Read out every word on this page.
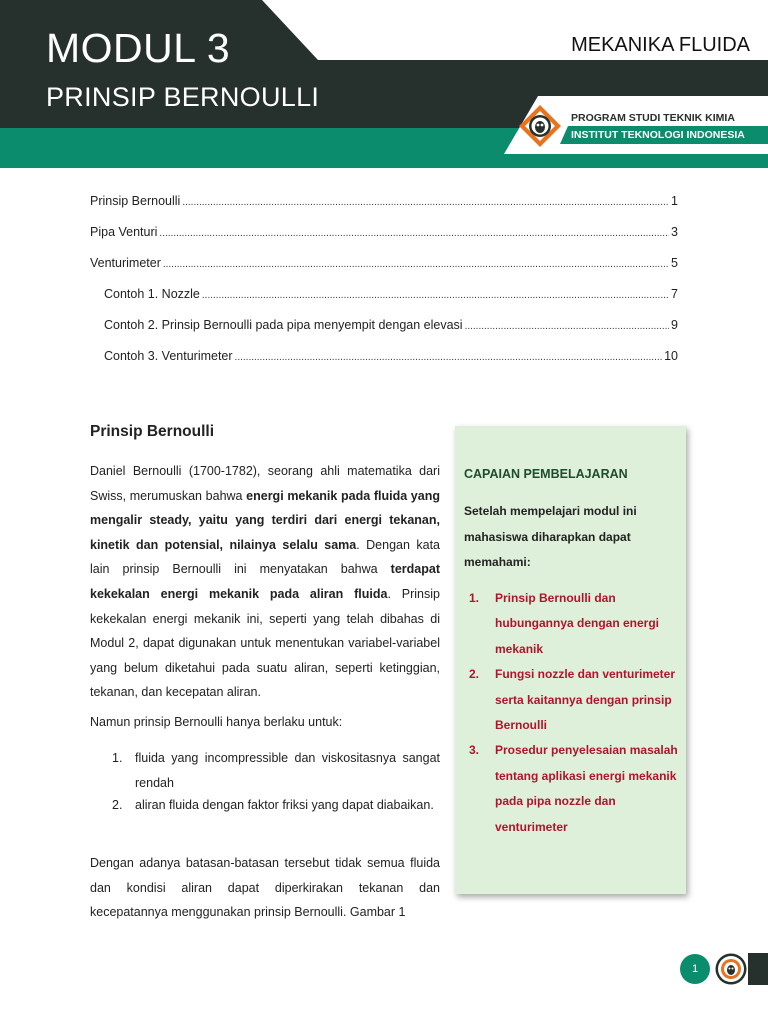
MODUL 3
PRINSIP BERNOULLI
MEKANIKA FLUIDA
PROGRAM STUDI TEKNIK KIMIA
INSTITUT TEKNOLOGI INDONESIA
Prinsip Bernoulli .....	1
Pipa Venturi .....	3
Venturimeter .....	5
Contoh 1. Nozzle .....	7
Contoh 2. Prinsip Bernoulli pada pipa menyempit dengan elevasi .....	9
Contoh 3. Venturimeter .....	10
Prinsip Bernoulli

Daniel Bernoulli (1700-1782), seorang ahli matematika dari Swiss, merumuskan bahwa energi mekanik pada fluida yang mengalir steady, yaitu yang terdiri dari energi tekanan, kinetik dan potensial, nilainya selalu sama. Dengan kata lain prinsip Bernoulli ini menyatakan bahwa terdapat kekekalan energi mekanik pada aliran fluida. Prinsip kekekalan energi mekanik ini, seperti yang telah dibahas di Modul 2, dapat digunakan untuk menentukan variabel-variabel yang belum diketahui pada suatu aliran, seperti ketinggian, tekanan, dan kecepatan aliran.

Namun prinsip Bernoulli hanya berlaku untuk:

1.	fluida yang incompressible dan viskositasnya sangat rendah
2.	aliran fluida dengan faktor friksi yang dapat diabaikan.

Dengan adanya batasan-batasan tersebut tidak semua fluida dan kondisi aliran dapat diperkirakan tekanan dan kecepatannya menggunakan prinsip Bernoulli. Gambar 1

CAPAIAN PEMBELAJARAN
Setelah mempelajari modul ini mahasiswa diharapkan dapat memahami:
1.	Prinsip Bernoulli dan hubungannya dengan energi mekanik
2.	Fungsi nozzle dan venturimeter serta kaitannya dengan prinsip Bernoulli
3.	Prosedur penyelesaian masalah tentang aplikasi energi mekanik pada pipa nozzle dan venturimeter
1
